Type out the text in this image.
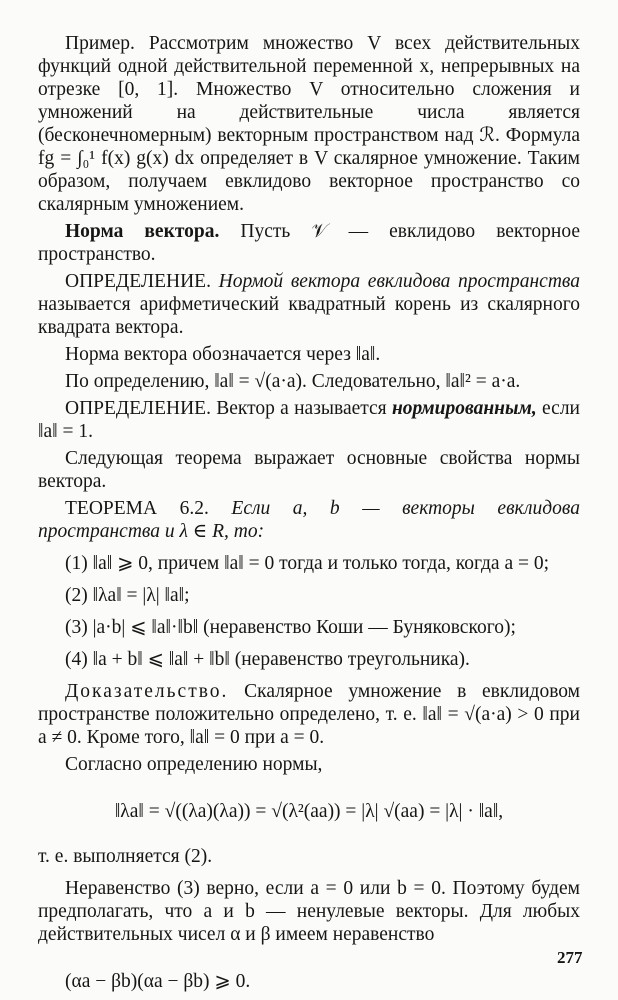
Пример. Рассмотрим множество V всех действительных функций одной действительной переменной x, непрерывных на отрезке [0, 1]. Множество V относительно сложения и умножений на действительные числа является (бесконечномерным) векторным пространством над ℛ. Формула fg = ∫₀¹ f(x) g(x) dx определяет в V скалярное умножение. Таким образом, получаем евклидово векторное пространство со скалярным умножением.

Норма вектора. Пусть 𝒱 — евклидово векторное пространство.

ОПРЕДЕЛЕНИЕ. Нормой вектора евклидова пространства называется арифметический квадратный корень из скалярного квадрата вектора.

Норма вектора обозначается через ‖a‖.

По определению, ‖a‖ = √(a·a). Следовательно, ‖a‖² = a·a.

ОПРЕДЕЛЕНИЕ. Вектор a называется нормированным, если ‖a‖ = 1.

Следующая теорема выражает основные свойства нормы вектора.

ТЕОРЕМА 6.2. Если a, b — векторы евклидова пространства и λ ∈ R, то:

(1) ‖a‖ ⩾ 0, причем ‖a‖ = 0 тогда и только тогда, когда a = 0;

(2) ‖λa‖ = |λ| ‖a‖;

(3) |a·b| ⩽ ‖a‖·‖b‖ (неравенство Коши — Буняковского);

(4) ‖a + b‖ ⩽ ‖a‖ + ‖b‖ (неравенство треугольника).

Доказательство. Скалярное умножение в евклидовом пространстве положительно определено, т. е. ‖a‖ = √(a·a) > 0 при a ≠ 0. Кроме того, ‖a‖ = 0 при a = 0.

Согласно определению нормы,

‖λa‖ = √((λa)(λa)) = √(λ²(aa)) = |λ| √(aa) = |λ| · ‖a‖,

т. е. выполняется (2).

Неравенство (3) верно, если a = 0 или b = 0. Поэтому будем предполагать, что a и b — ненулевые векторы. Для любых действительных чисел α и β имеем неравенство

(αa − βb)(αa − βb) ⩾ 0.

277
